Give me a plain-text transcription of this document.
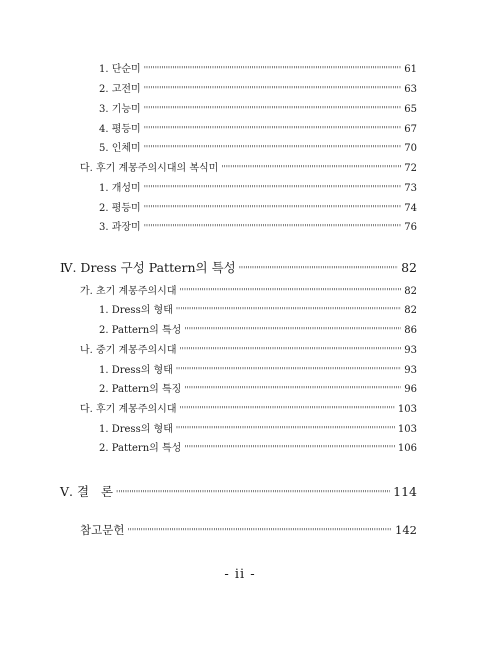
1. 단순미 ''''''''''''''''''''''''''''''''''''''''''''''''''''''''''''''''''''''''''''''''''''''''''''''''''''''''''''''''''''''''''''''''''''''''''''''''''''''''''''''''''''''''''''''''''''''''''''''''''''''''''''''''''''''''''''''''''''''''''''''''''''''''''''''''	61
2. 고전미 ''''''''''''''''''''''''''''''''''''''''''''''''''''''''''''''''''''''''''''''''''''''''''''''''''''''''''''''''''''''''''''''''''''''''''''''''''''''''''''''''''''''''''''''''''''''''''''''''''''''''''''''''''''''''''''''''''''''''''''''''''''''''''''''''	63
3. 기능미 ''''''''''''''''''''''''''''''''''''''''''''''''''''''''''''''''''''''''''''''''''''''''''''''''''''''''''''''''''''''''''''''''''''''''''''''''''''''''''''''''''''''''''''''''''''''''''''''''''''''''''''''''''''''''''''''''''''''''''''''''''''''''''''''''	65
4. 평등미 ''''''''''''''''''''''''''''''''''''''''''''''''''''''''''''''''''''''''''''''''''''''''''''''''''''''''''''''''''''''''''''''''''''''''''''''''''''''''''''''''''''''''''''''''''''''''''''''''''''''''''''''''''''''''''''''''''''''''''''''''''''''''''''''''	67
5. 인체미 ''''''''''''''''''''''''''''''''''''''''''''''''''''''''''''''''''''''''''''''''''''''''''''''''''''''''''''''''''''''''''''''''''''''''''''''''''''''''''''''''''''''''''''''''''''''''''''''''''''''''''''''''''''''''''''''''''''''''''''''''''''''''''''''''	70
다. 후기 계몽주의시대의 복식미 ''''''''''''''''''''''''''''''''''''''''''''''''''''''''''''''''''''''''''''''''''''''''''''''''''''''''''''''''''''''''''''''''''''''''''''''''''''''''''''''''''''''''''''''''''''''''''''''''''''''''''''''''''''''''''''''''''''''''''''''''''''''''''''''''	72
1. 개성미 ''''''''''''''''''''''''''''''''''''''''''''''''''''''''''''''''''''''''''''''''''''''''''''''''''''''''''''''''''''''''''''''''''''''''''''''''''''''''''''''''''''''''''''''''''''''''''''''''''''''''''''''''''''''''''''''''''''''''''''''''''''''''''''''''	73
2. 평등미 ''''''''''''''''''''''''''''''''''''''''''''''''''''''''''''''''''''''''''''''''''''''''''''''''''''''''''''''''''''''''''''''''''''''''''''''''''''''''''''''''''''''''''''''''''''''''''''''''''''''''''''''''''''''''''''''''''''''''''''''''''''''''''''''''	74
3. 과장미 ''''''''''''''''''''''''''''''''''''''''''''''''''''''''''''''''''''''''''''''''''''''''''''''''''''''''''''''''''''''''''''''''''''''''''''''''''''''''''''''''''''''''''''''''''''''''''''''''''''''''''''''''''''''''''''''''''''''''''''''''''''''''''''''''	76
Ⅳ. Dress 구성 Pattern의 특성 ''''''''''''''''''''''''''''''''''''''''''''''''''''''''''''''''''''''''''''''''''''''''''''''''''''''''''''''''''''''''''''''''''''''''''''''''''''''''''''''''''''''''''''''''''''''''''''''''''''''''''''''''''''''''''''''''''''''''''''''''''''''''''''''''	82
가. 초기 계몽주의시대 ''''''''''''''''''''''''''''''''''''''''''''''''''''''''''''''''''''''''''''''''''''''''''''''''''''''''''''''''''''''''''''''''''''''''''''''''''''''''''''''''''''''''''''''''''''''''''''''''''''''''''''''''''''''''''''''''''''''''''''''''''''''''''''''''	82
1. Dress의 형태 ''''''''''''''''''''''''''''''''''''''''''''''''''''''''''''''''''''''''''''''''''''''''''''''''''''''''''''''''''''''''''''''''''''''''''''''''''''''''''''''''''''''''''''''''''''''''''''''''''''''''''''''''''''''''''''''''''''''''''''''''''''''''''''''''	82
2. Pattern의 특성 ''''''''''''''''''''''''''''''''''''''''''''''''''''''''''''''''''''''''''''''''''''''''''''''''''''''''''''''''''''''''''''''''''''''''''''''''''''''''''''''''''''''''''''''''''''''''''''''''''''''''''''''''''''''''''''''''''''''''''''''''''''''''''''''''	86
나. 중기 계몽주의시대 ''''''''''''''''''''''''''''''''''''''''''''''''''''''''''''''''''''''''''''''''''''''''''''''''''''''''''''''''''''''''''''''''''''''''''''''''''''''''''''''''''''''''''''''''''''''''''''''''''''''''''''''''''''''''''''''''''''''''''''''''''''''''''''''''	93
1. Dress의 형태 ''''''''''''''''''''''''''''''''''''''''''''''''''''''''''''''''''''''''''''''''''''''''''''''''''''''''''''''''''''''''''''''''''''''''''''''''''''''''''''''''''''''''''''''''''''''''''''''''''''''''''''''''''''''''''''''''''''''''''''''''''''''''''''''''	93
2. Pattern의 특징 ''''''''''''''''''''''''''''''''''''''''''''''''''''''''''''''''''''''''''''''''''''''''''''''''''''''''''''''''''''''''''''''''''''''''''''''''''''''''''''''''''''''''''''''''''''''''''''''''''''''''''''''''''''''''''''''''''''''''''''''''''''''''''''''''	96
다. 후기 계몽주의시대 ''''''''''''''''''''''''''''''''''''''''''''''''''''''''''''''''''''''''''''''''''''''''''''''''''''''''''''''''''''''''''''''''''''''''''''''''''''''''''''''''''''''''''''''''''''''''''''''''''''''''''''''''''''''''''''''''''''''''''''''''''''''''''''''''	103
1. Dress의 형태 ''''''''''''''''''''''''''''''''''''''''''''''''''''''''''''''''''''''''''''''''''''''''''''''''''''''''''''''''''''''''''''''''''''''''''''''''''''''''''''''''''''''''''''''''''''''''''''''''''''''''''''''''''''''''''''''''''''''''''''''''''''''''''''''''	103
2. Pattern의 특성 ''''''''''''''''''''''''''''''''''''''''''''''''''''''''''''''''''''''''''''''''''''''''''''''''''''''''''''''''''''''''''''''''''''''''''''''''''''''''''''''''''''''''''''''''''''''''''''''''''''''''''''''''''''''''''''''''''''''''''''''''''''''''''''''''	106
Ⅴ. 결   론 ''''''''''''''''''''''''''''''''''''''''''''''''''''''''''''''''''''''''''''''''''''''''''''''''''''''''''''''''''''''''''''''''''''''''''''''''''''''''''''''''''''''''''''''''''''''''''''''''''''''''''''''''''''''''''''''''''''''''''''''''''''''''''''''''	114
참고문헌 ''''''''''''''''''''''''''''''''''''''''''''''''''''''''''''''''''''''''''''''''''''''''''''''''''''''''''''''''''''''''''''''''''''''''''''''''''''''''''''''''''''''''''''''''''''''''''''''''''''''''''''''''''''''''''''''''''''''''''''''''''''''''''''''''	142
- ii -
